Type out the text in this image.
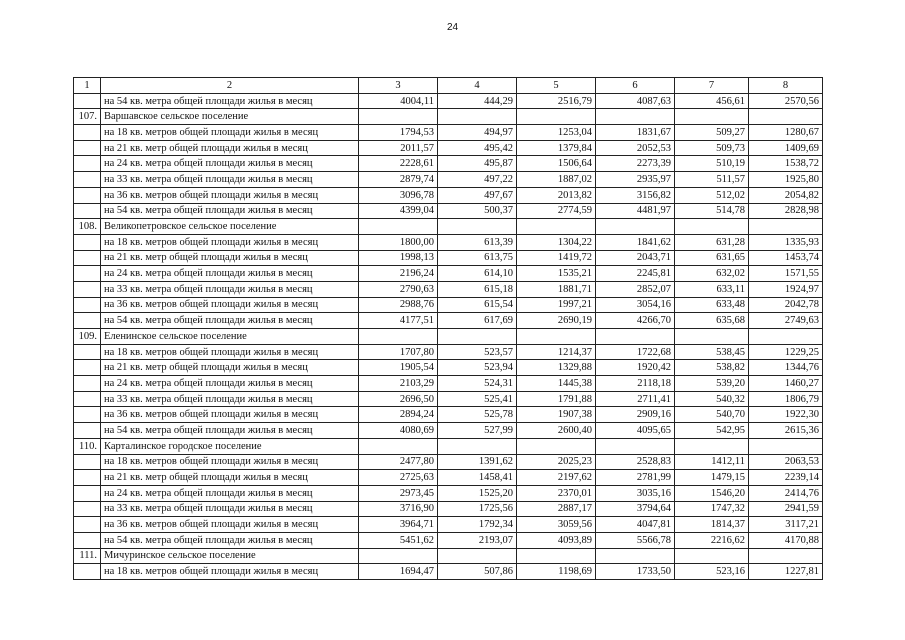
24
1	2	3	4	5	6	7	8
	на 54 кв. метра общей площади жилья в месяц	4004,11	444,29	2516,79	4087,63	456,61	2570,56
107.	Варшавское сельское поселение						
	на 18 кв. метров общей площади жилья в месяц	1794,53	494,97	1253,04	1831,67	509,27	1280,67
	на 21 кв. метр общей площади жилья в месяц	2011,57	495,42	1379,84	2052,53	509,73	1409,69
	на 24 кв. метра общей площади жилья в месяц	2228,61	495,87	1506,64	2273,39	510,19	1538,72
	на 33 кв. метра общей площади жилья в месяц	2879,74	497,22	1887,02	2935,97	511,57	1925,80
	на 36 кв. метров общей площади жилья в месяц	3096,78	497,67	2013,82	3156,82	512,02	2054,82
	на 54 кв. метра общей площади жилья в месяц	4399,04	500,37	2774,59	4481,97	514,78	2828,98
108.	Великопетровское сельское поселение						
	на 18 кв. метров общей площади жилья в месяц	1800,00	613,39	1304,22	1841,62	631,28	1335,93
	на 21 кв. метр общей площади жилья в месяц	1998,13	613,75	1419,72	2043,71	631,65	1453,74
	на 24 кв. метра общей площади жилья в месяц	2196,24	614,10	1535,21	2245,81	632,02	1571,55
	на 33 кв. метра общей площади жилья в месяц	2790,63	615,18	1881,71	2852,07	633,11	1924,97
	на 36 кв. метров общей площади жилья в месяц	2988,76	615,54	1997,21	3054,16	633,48	2042,78
	на 54 кв. метра общей площади жилья в месяц	4177,51	617,69	2690,19	4266,70	635,68	2749,63
109.	Еленинское сельское поселение						
	на 18 кв. метров общей площади жилья в месяц	1707,80	523,57	1214,37	1722,68	538,45	1229,25
	на 21 кв. метр общей площади жилья в месяц	1905,54	523,94	1329,88	1920,42	538,82	1344,76
	на 24 кв. метра общей площади жилья в месяц	2103,29	524,31	1445,38	2118,18	539,20	1460,27
	на 33 кв. метра общей площади жилья в месяц	2696,50	525,41	1791,88	2711,41	540,32	1806,79
	на 36 кв. метров общей площади жилья в месяц	2894,24	525,78	1907,38	2909,16	540,70	1922,30
	на 54 кв. метра общей площади жилья в месяц	4080,69	527,99	2600,40	4095,65	542,95	2615,36
110.	Карталинское городское поселение						
	на 18 кв. метров общей площади жилья в месяц	2477,80	1391,62	2025,23	2528,83	1412,11	2063,53
	на 21 кв. метр общей площади жилья в месяц	2725,63	1458,41	2197,62	2781,99	1479,15	2239,14
	на 24 кв. метра общей площади жилья в месяц	2973,45	1525,20	2370,01	3035,16	1546,20	2414,76
	на 33 кв. метра общей площади жилья в месяц	3716,90	1725,56	2887,17	3794,64	1747,32	2941,59
	на 36 кв. метров общей площади жилья в месяц	3964,71	1792,34	3059,56	4047,81	1814,37	3117,21
	на 54 кв. метра общей площади жилья в месяц	5451,62	2193,07	4093,89	5566,78	2216,62	4170,88
111.	Мичуринское сельское поселение						
	на 18 кв. метров общей площади жилья в месяц	1694,47	507,86	1198,69	1733,50	523,16	1227,81
